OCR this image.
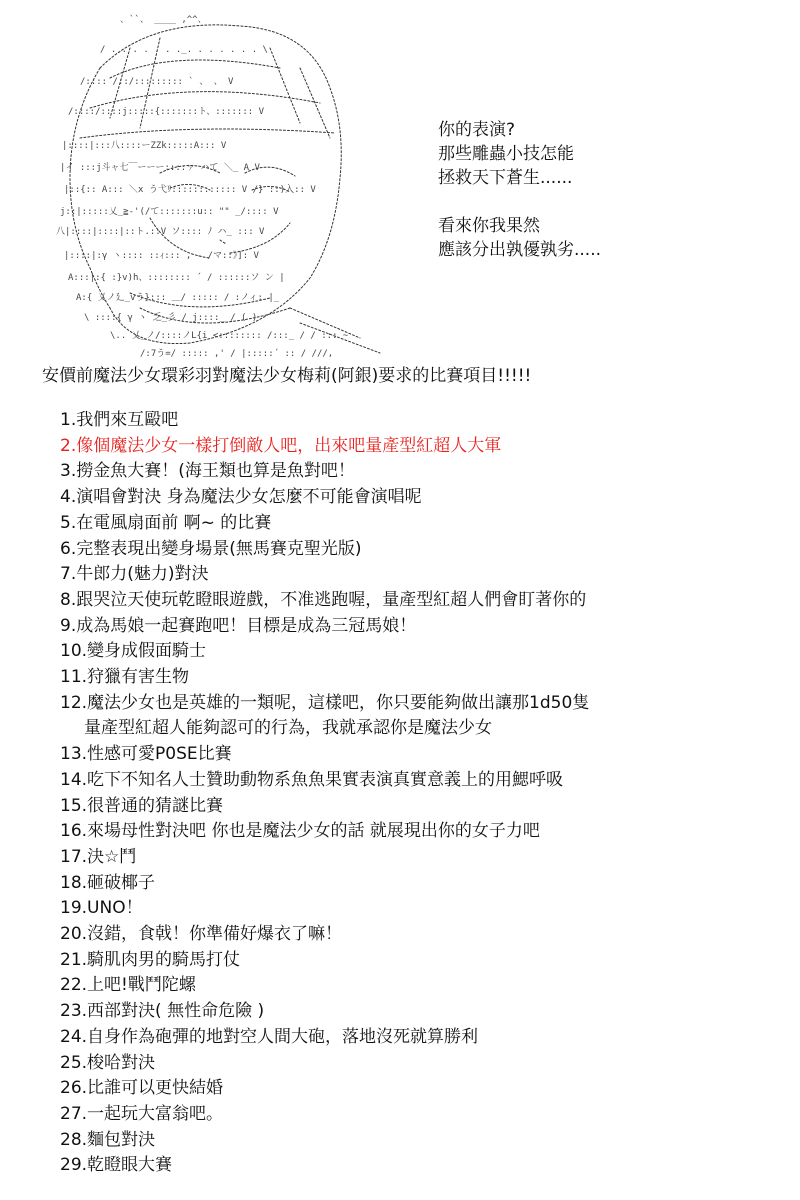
、``、 ____ ,^^、
/ . . . . . . ._. . . . . . . \
/:::: /::/::::::::: ` 、 、 V
/::::/::::j:::::{:::::::ト、::::::: V
|::::|:::八::::ーZZk:::::A::: V
|イ :::j斗ャ七￣ーーー::::ァ ハて ＼_ A V
|::{:: A::: ＼x う弋ﾘ:::::::::::: V /} ::)入:: V
j::|:::::乂_≧-'(/て:::::::u:: "" _/:::: V
八|::::|::::|::ト.::V ソ:::: ﾉ ハ_ ::: V
|::::|:γ ヽ:::: ::ｨ::: , ‐ /マ::》]: V
A:::|:{ :}v)h、:::::::: ´ / ::::::ソ ン |
A:{ 乂ノ廴_vう}::: ＿/ ::::: / :ノィ: |_
\ ::::{ γ ヽ 乏_彡 / j::::_ / ( )
\.. 乂_ノ/::::ノL{i <:::::::: /:::_ / / ::: ~
/:7う=/ ::::: ,' / |:::::´ :: / ///,
你的表演?
那些雕蟲小技怎能
拯救天下蒼生......
看來你我果然
應該分出孰優孰劣.....
安價前魔法少女環彩羽對魔法少女梅莉(阿銀)要求的比賽項目!!!!!
1.我們來互毆吧
2.像個魔法少女一樣打倒敵人吧，出來吧量產型紅超人大軍
3.撈金魚大賽！(海王類也算是魚對吧！
4.演唱會對決 身為魔法少女怎麼不可能會演唱呢
5.在電風扇面前 啊~ 的比賽
6.完整表現出變身場景(無馬賽克聖光版)
7.牛郎力(魅力)對決
8.跟哭泣天使玩乾瞪眼遊戲，不准逃跑喔，量產型紅超人們會盯著你的
9.成為馬娘一起賽跑吧！目標是成為三冠馬娘！
10.變身成假面騎士
11.狩獵有害生物
12.魔法少女也是英雄的一類呢，這樣吧，你只要能夠做出讓那1d50隻
量產型紅超人能夠認可的行為，我就承認你是魔法少女
13.性感可愛P0SE比賽
14.吃下不知名人士贊助動物系魚魚果實表演真實意義上的用鰓呼吸
15.很普通的猜謎比賽
16.來場母性對決吧 你也是魔法少女的話 就展現出你的女子力吧
17.決☆鬥
18.砸破椰子
19.UNO！
20.沒錯，食戟！你準備好爆衣了嘛！
21.騎肌肉男的騎馬打仗
22.上吧!戰鬥陀螺
23.西部對決( 無性命危險 )
24.自身作為砲彈的地對空人間大砲，落地沒死就算勝利
25.梭哈對決
26.比誰可以更快結婚
27.一起玩大富翁吧。
28.麵包對決
29.乾瞪眼大賽
